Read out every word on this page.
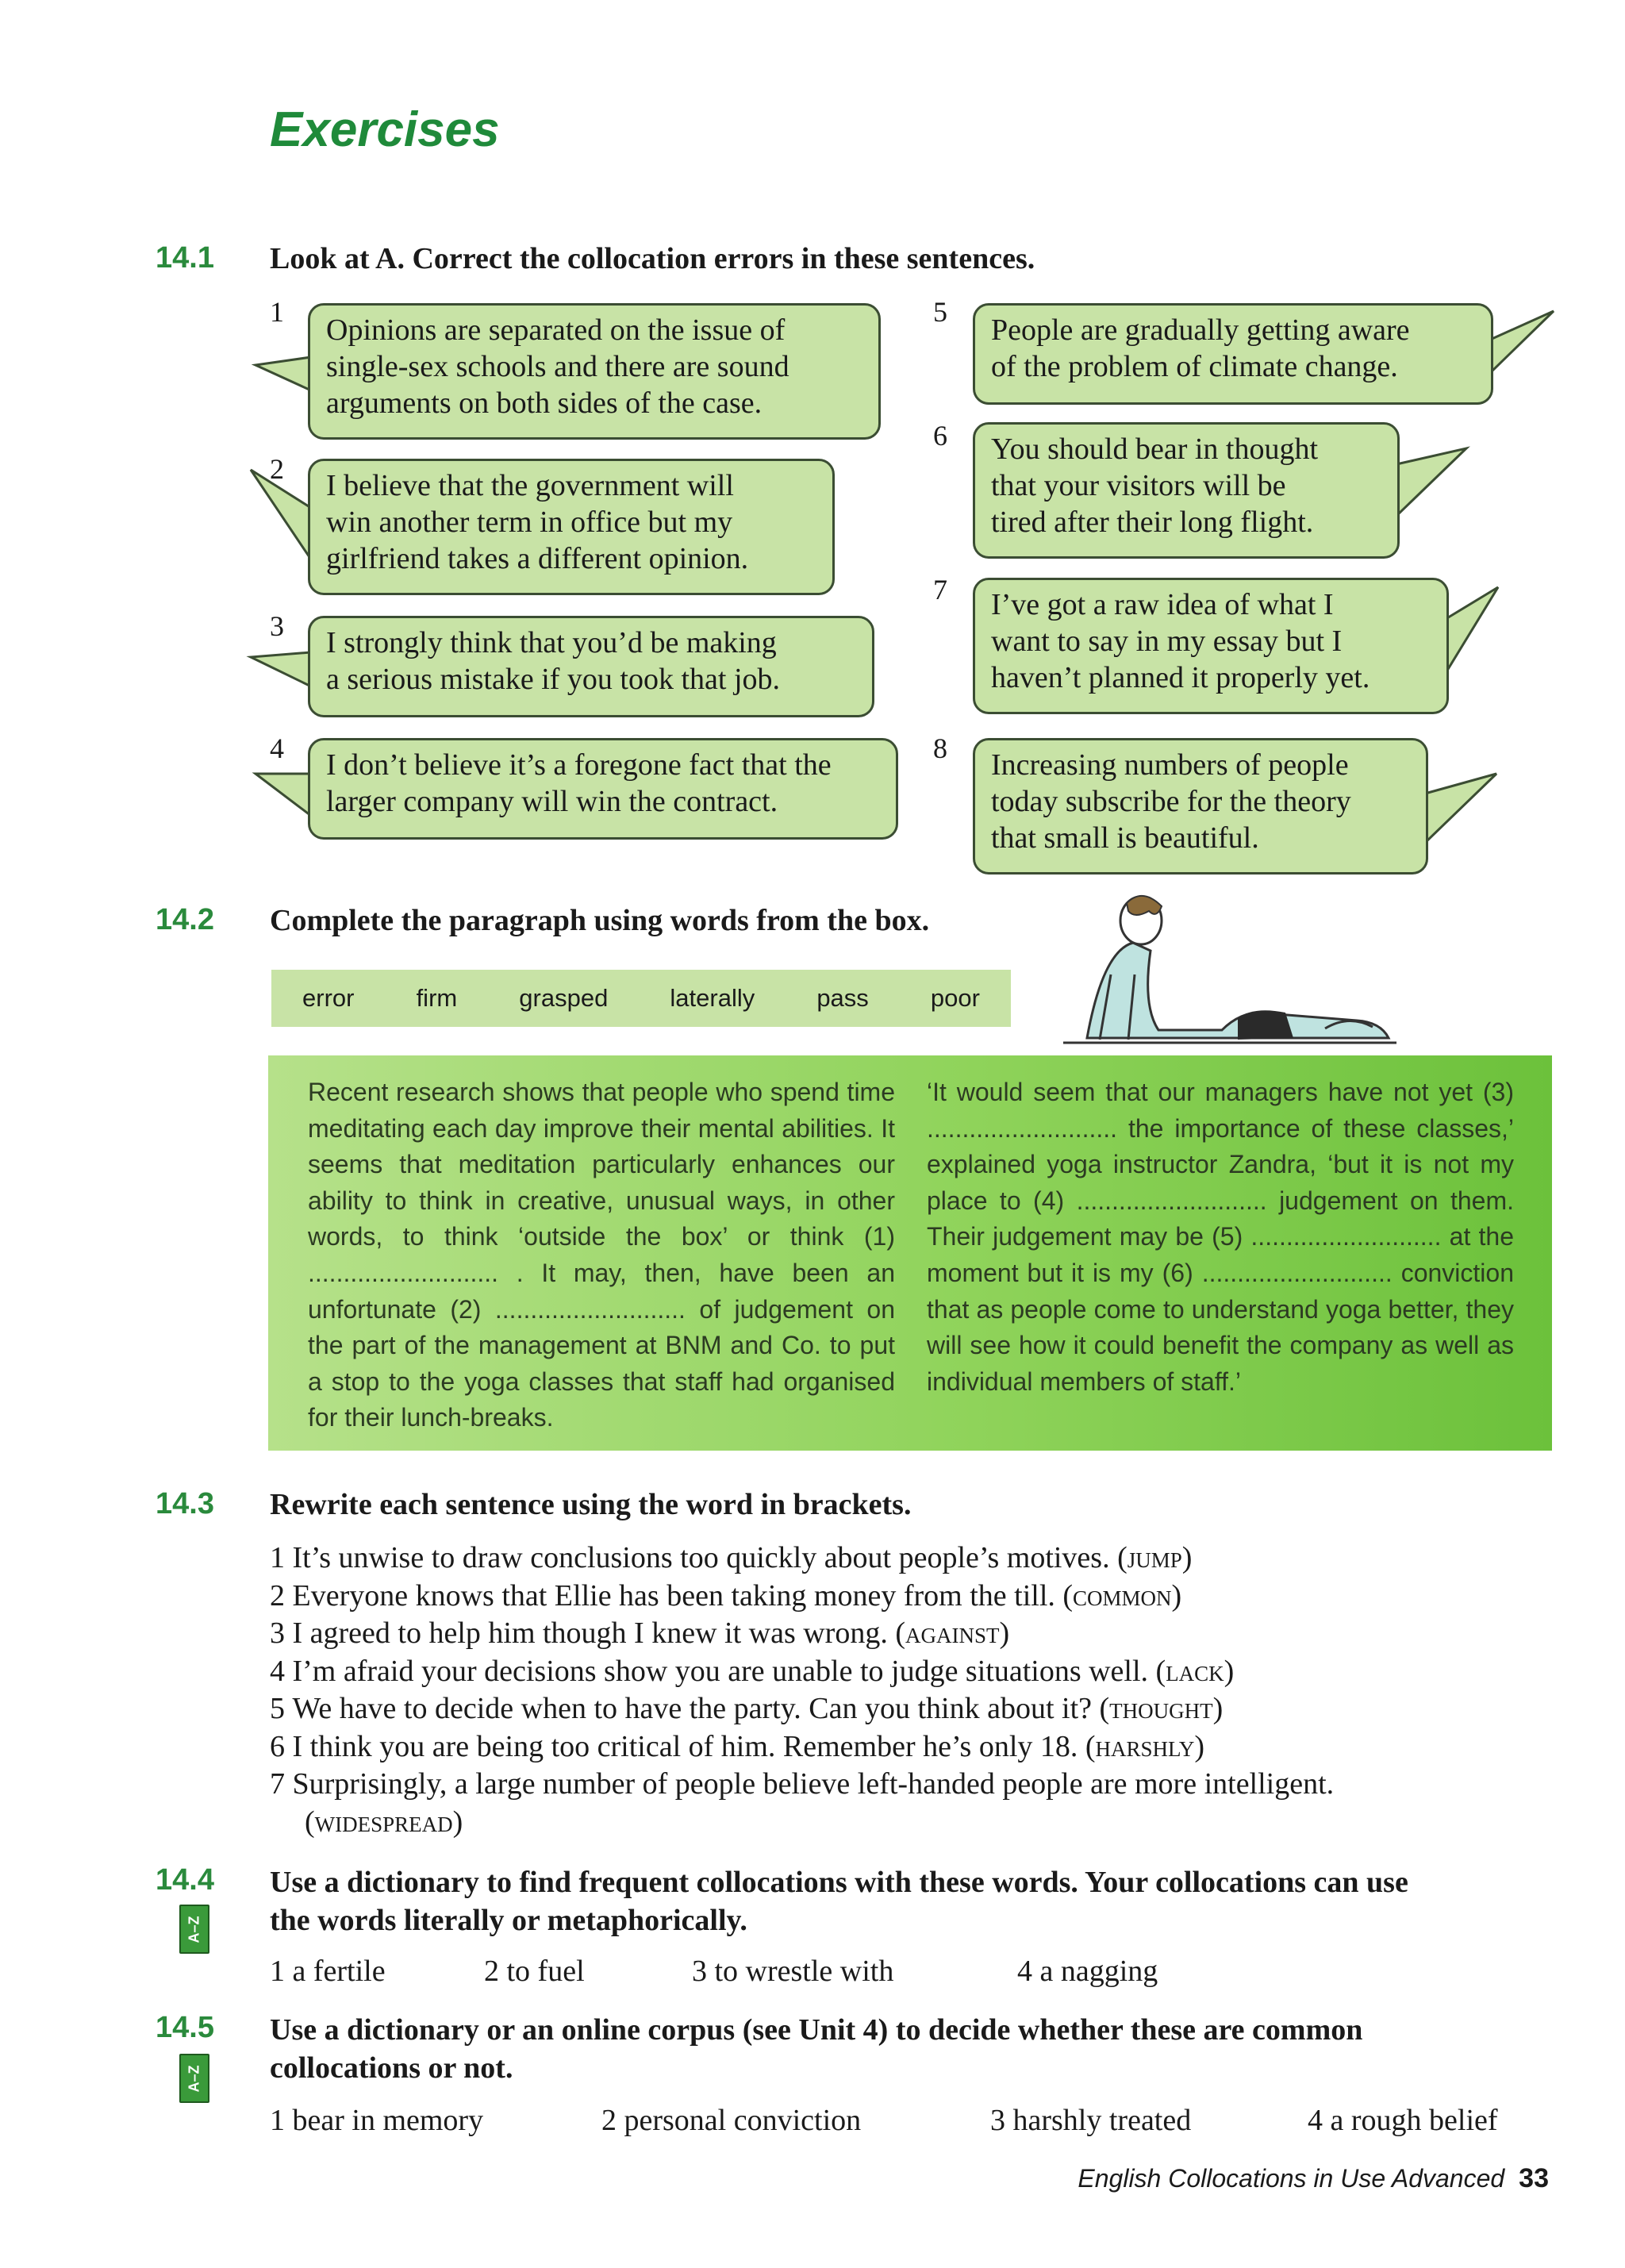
Exercises
14.1 Look at A. Correct the collocation errors in these sentences.
1
Opinions are separated on the issue of
single-sex schools and there are sound
arguments on both sides of the case.
2 I believe that the government will
win another term in office but my
girlfriend takes a different opinion.
3 I strongly think that you’d be making
a serious mistake if you took that job.
4 I don’t believe it’s a foregone fact that the
larger company will win the contract.
5
People are gradually getting aware
of the problem of climate change.
6 You should bear in thought
that your visitors will be
tired after their long flight.
7 I’ve got a raw idea of what I
want to say in my essay but I
haven’t planned it properly yet.
8 Increasing numbers of people
today subscribe for the theory
that small is beautiful.
14.2 Complete the paragraph using words from the box.
error	firm	grasped	laterally	pass	poor
Recent research shows that people who spend time meditating each day improve their mental abilities. It seems that meditation particularly enhances our ability to think in creative, unusual ways, in other words, to think ‘outside the box’ or think (1) ........................... . It may, then, have been an unfortunate (2) ........................... of judgement on the part of the management at BNM and Co. to put a stop to the yoga classes that staff had organised for their lunch-breaks.
‘It would seem that our managers have not yet (3) ........................... the importance of these classes,’ explained yoga instructor Zandra, ‘but it is not my place to (4) ........................... judgement on them. Their judgement may be (5) ........................... at the moment but it is my (6) ........................... conviction that as people come to understand yoga better, they will see how it could benefit the company as well as individual members of staff.’
14.3 Rewrite each sentence using the word in brackets.
1 It’s unwise to draw conclusions too quickly about people’s motives. (jump)
2 Everyone knows that Ellie has been taking money from the till. (common)
3 I agreed to help him though I knew it was wrong. (against)
4 I’m afraid your decisions show you are unable to judge situations well. (lack)
5 We have to decide when to have the party. Can you think about it? (thought)
6 I think you are being too critical of him. Remember he’s only 18. (harshly)
7 Surprisingly, a large number of people believe left-handed people are more intelligent.
(widespread)
14.4
A–Z
Use a dictionary to find frequent collocations with these words. Your collocations can use
the words literally or metaphorically.
1 a fertile	2 to fuel	3 to wrestle with	4 a nagging
14.5
A–Z
Use a dictionary or an online corpus (see Unit 4) to decide whether these are common
collocations or not.
1 bear in memory	2 personal conviction	3 harshly treated	4 a rough belief
English Collocations in Use Advanced 33
